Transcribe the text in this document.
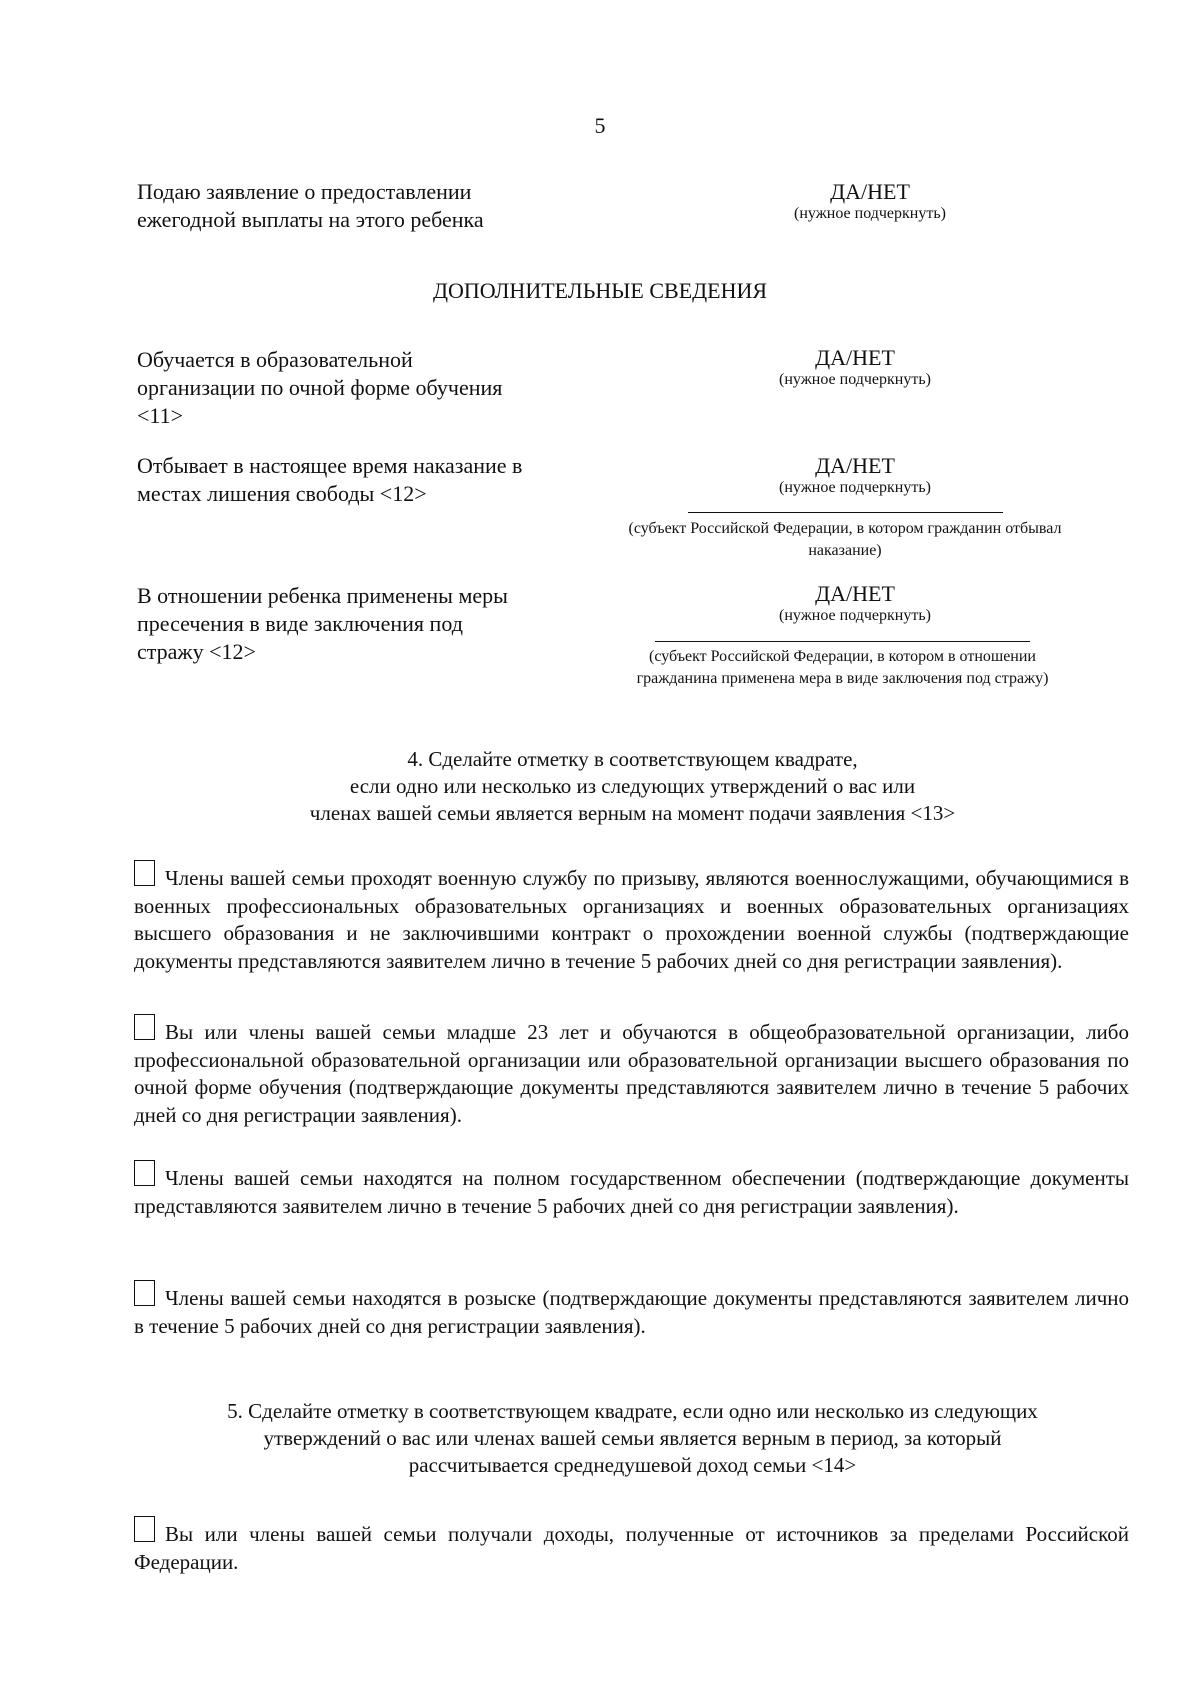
5
Подаю заявление о предоставлении
ежегодной выплаты на этого ребенка
ДА/НЕТ
(нужное подчеркнуть)
ДОПОЛНИТЕЛЬНЫЕ СВЕДЕНИЯ
Обучается в образовательной
организации по очной форме обучения
<11>
ДА/НЕТ
(нужное подчеркнуть)
Отбывает в настоящее время наказание в
местах лишения свободы <12>
ДА/НЕТ
(нужное подчеркнуть)
(субъект Российской Федерации, в котором гражданин отбывал
наказание)
В отношении ребенка применены меры
пресечения в виде заключения под
стражу <12>
ДА/НЕТ
(нужное подчеркнуть)
(субъект Российской Федерации, в котором в отношении
гражданина применена мера в виде заключения под стражу)
4. Сделайте отметку в соответствующем квадрате,
если одно или несколько из следующих утверждений о вас или
членах вашей семьи является верным на момент подачи заявления <13>
Члены вашей семьи проходят военную службу по призыву, являются военнослужащими, обучающимися в военных профессиональных образовательных организациях и военных образовательных организациях высшего образования и не заключившими контракт о прохождении военной службы (подтверждающие документы представляются заявителем лично в течение 5 рабочих дней со дня регистрации заявления).
Вы или члены вашей семьи младше 23 лет и обучаются в общеобразовательной организации, либо профессиональной образовательной организации или образовательной организации высшего образования по очной форме обучения (подтверждающие документы представляются заявителем лично в течение 5 рабочих дней со дня регистрации заявления).
Члены вашей семьи находятся на полном государственном обеспечении (подтверждающие документы представляются заявителем лично в течение 5 рабочих дней со дня регистрации заявления).
Члены вашей семьи находятся в розыске (подтверждающие документы представляются заявителем лично в течение 5 рабочих дней со дня регистрации заявления).
5. Сделайте отметку в соответствующем квадрате, если одно или несколько из следующих
утверждений о вас или членах вашей семьи является верным в период, за который
рассчитывается среднедушевой доход семьи <14>
Вы или члены вашей семьи получали доходы, полученные от источников за пределами Российской Федерации.
